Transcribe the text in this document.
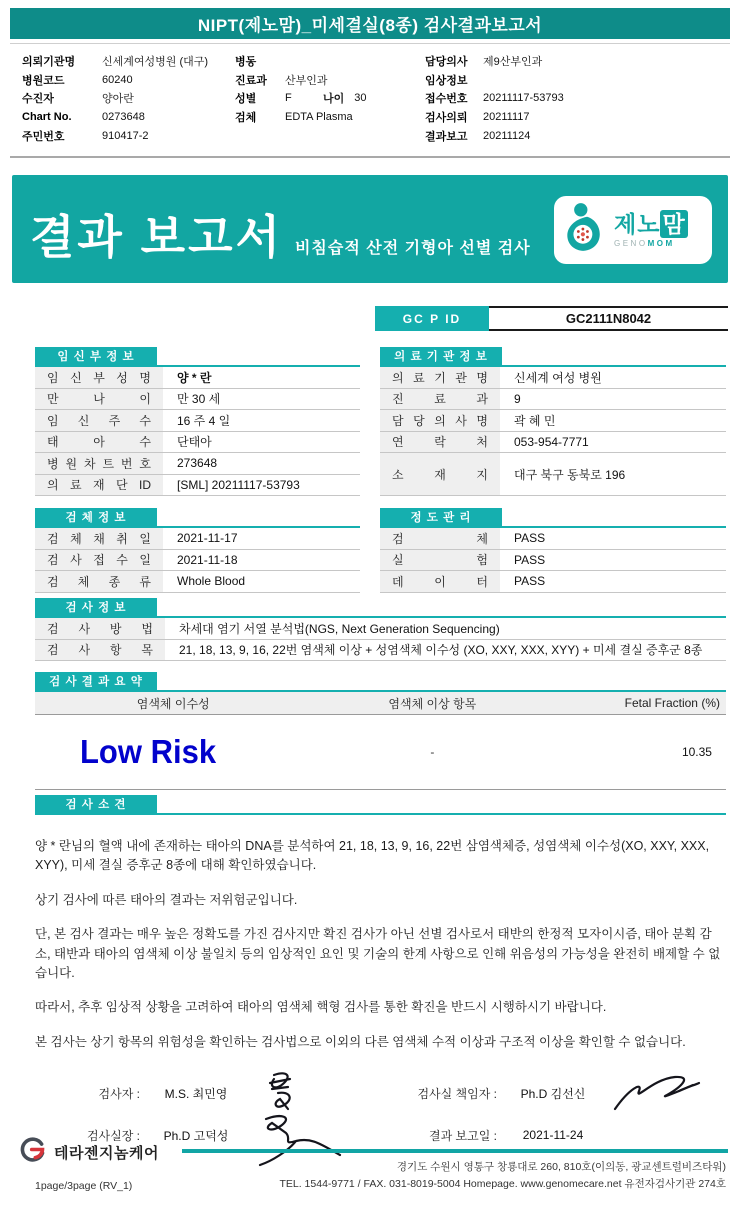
NIPT(제노맘)_미세결실(8종) 검사결과보고서
의뢰기관명	신세계여성병원 (대구)
병원코드	60240
수진자	양아란
Chart No.	0273648
주민번호	910417-2
병동
진료과	산부인과
성별	F	나이 30
검체	EDTA Plasma
담당의사	제9산부인과
임상정보
접수번호	20211117-53793
검사의뢰	20211117
결과보고	20211124
결과 보고서 비침습적 산전 기형아 선별 검사
제노맘
GENOMOM
GC P ID	GC2111N8042
임 신 부 정 보
임 신 부 성 명	양 * 란
만 나 이	만 30 세
임 신 주 수	16 주 4 일
태 아 수	단태아
병 원 차 트 번 호	273648
의 료 재 단 ID	[SML] 20211117-53793
의 료 기 관 정 보
의 료 기 관 명	신세계 여성 병원
진 료 과	9
담 당 의 사 명	곽 혜 민
연 락 처	053-954-7771
소 재 지	대구 북구 동북로 196
검 체 정 보
검 체 채 취 일	2021-11-17
검 사 접 수 일	2021-11-18
검 체 종 류	Whole Blood
정 도 관 리
검 체	PASS
실 험	PASS
데 이 터	PASS
검 사 정 보
검 사 방 법	차세대 염기 서열 분석법(NGS, Next Generation Sequencing)
검 사 항 목	21, 18, 13, 9, 16, 22번 염색체 이상 + 성염색체 이수성 (XO, XXY, XXX, XYY) + 미세 결실 증후군 8종
검 사 결 과 요 약
염색체 이수성	염색체 이상 항목	Fetal Fraction (%)
Low Risk	-	10.35
검 사 소 견

양 * 란님의 혈액 내에 존재하는 태아의 DNA를 분석하여 21, 18, 13, 9, 16, 22번 삼염색체증, 성염색체 이수성(XO, XXY, XXX, XYY), 미세 결실 증후군 8종에 대해 확인하였습니다.

상기 검사에 따른 태아의 결과는 저위험군입니다.

단, 본 검사 결과는 매우 높은 정확도를 가진 검사지만 확진 검사가 아닌 선별 검사로서 태반의 한정적 모자이시즘, 태아 분획 감소, 태반과 태아의 염색체 이상 불일치 등의 임상적인 요인 및 기술의 한계 사항으로 인해 위음성의 가능성을 완전히 배제할 수 없습니다.

따라서, 추후 임상적 상황을 고려하여 태아의 염색체 핵형 검사를 통한 확진을 반드시 시행하시기 바랍니다.

본 검사는 상기 항목의 위험성을 확인하는 검사법으로 이외의 다른 염색체 수적 이상과 구조적 이상을 확인할 수 없습니다.

검사자 :	M.S. 최민영	검사실 책임자 :	Ph.D 김선신
검사실장 :	Ph.D 고덕성	결과 보고일 :	2021-11-24
테라젠지놈케어
경기도 수원시 영통구 창룡대로 260, 810호(이의동, 광교센트럴비즈타워)
TEL. 1544-9771 / FAX. 031-8019-5004 Homepage. www.genomecare.net 유전자검사기관 274호
1page/3page (RV_1)
